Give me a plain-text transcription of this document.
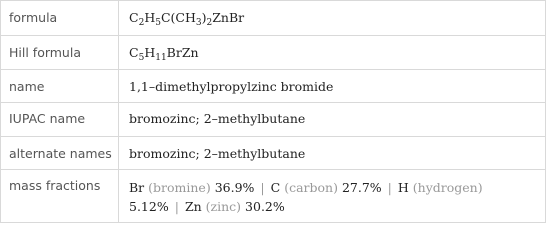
formula	$C_2H_5C(CH_3)_2ZnBr$
Hill formula	$C_5H_{11}BrZn$
name	1,1–dimethylpropylzinc bromide
IUPAC name	bromozinc; 2–methylbutane
alternate names	bromozinc; 2–methylbutane
mass fractions	Br (bromine) 36.9% | C (carbon) 27.7% | H (hydrogen)
5.12% | Zn (zinc) 30.2%
